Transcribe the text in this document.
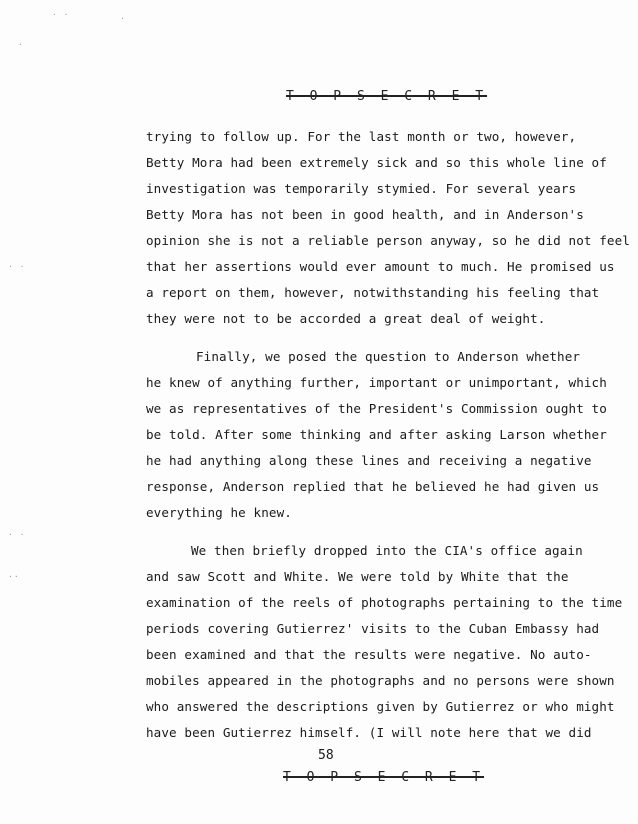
· ·
·
· ·
· ·
··
·
T O P S E C R E T
trying to follow up. For the last month or two, however,
Betty Mora had been extremely sick and so this whole line of
investigation was temporarily stymied. For several years
Betty Mora has not been in good health, and in Anderson's
opinion she is not a reliable person anyway, so he did not feel
that her assertions would ever amount to much. He promised us
a report on them, however, notwithstanding his feeling that
they were not to be accorded a great deal of weight.
Finally, we posed the question to Anderson whether
he knew of anything further, important or unimportant, which
we as representatives of the President's Commission ought to
be told. After some thinking and after asking Larson whether
he had anything along these lines and receiving a negative
response, Anderson replied that he believed he had given us
everything he knew.
We then briefly dropped into the CIA's office again
and saw Scott and White. We were told by White that the
examination of the reels of photographs pertaining to the time
periods covering Gutierrez' visits to the Cuban Embassy had
been examined and that the results were negative. No auto-
mobiles appeared in the photographs and no persons were shown
who answered the descriptions given by Gutierrez or who might
have been Gutierrez himself. (I will note here that we did
58
T O P S E C R E T
